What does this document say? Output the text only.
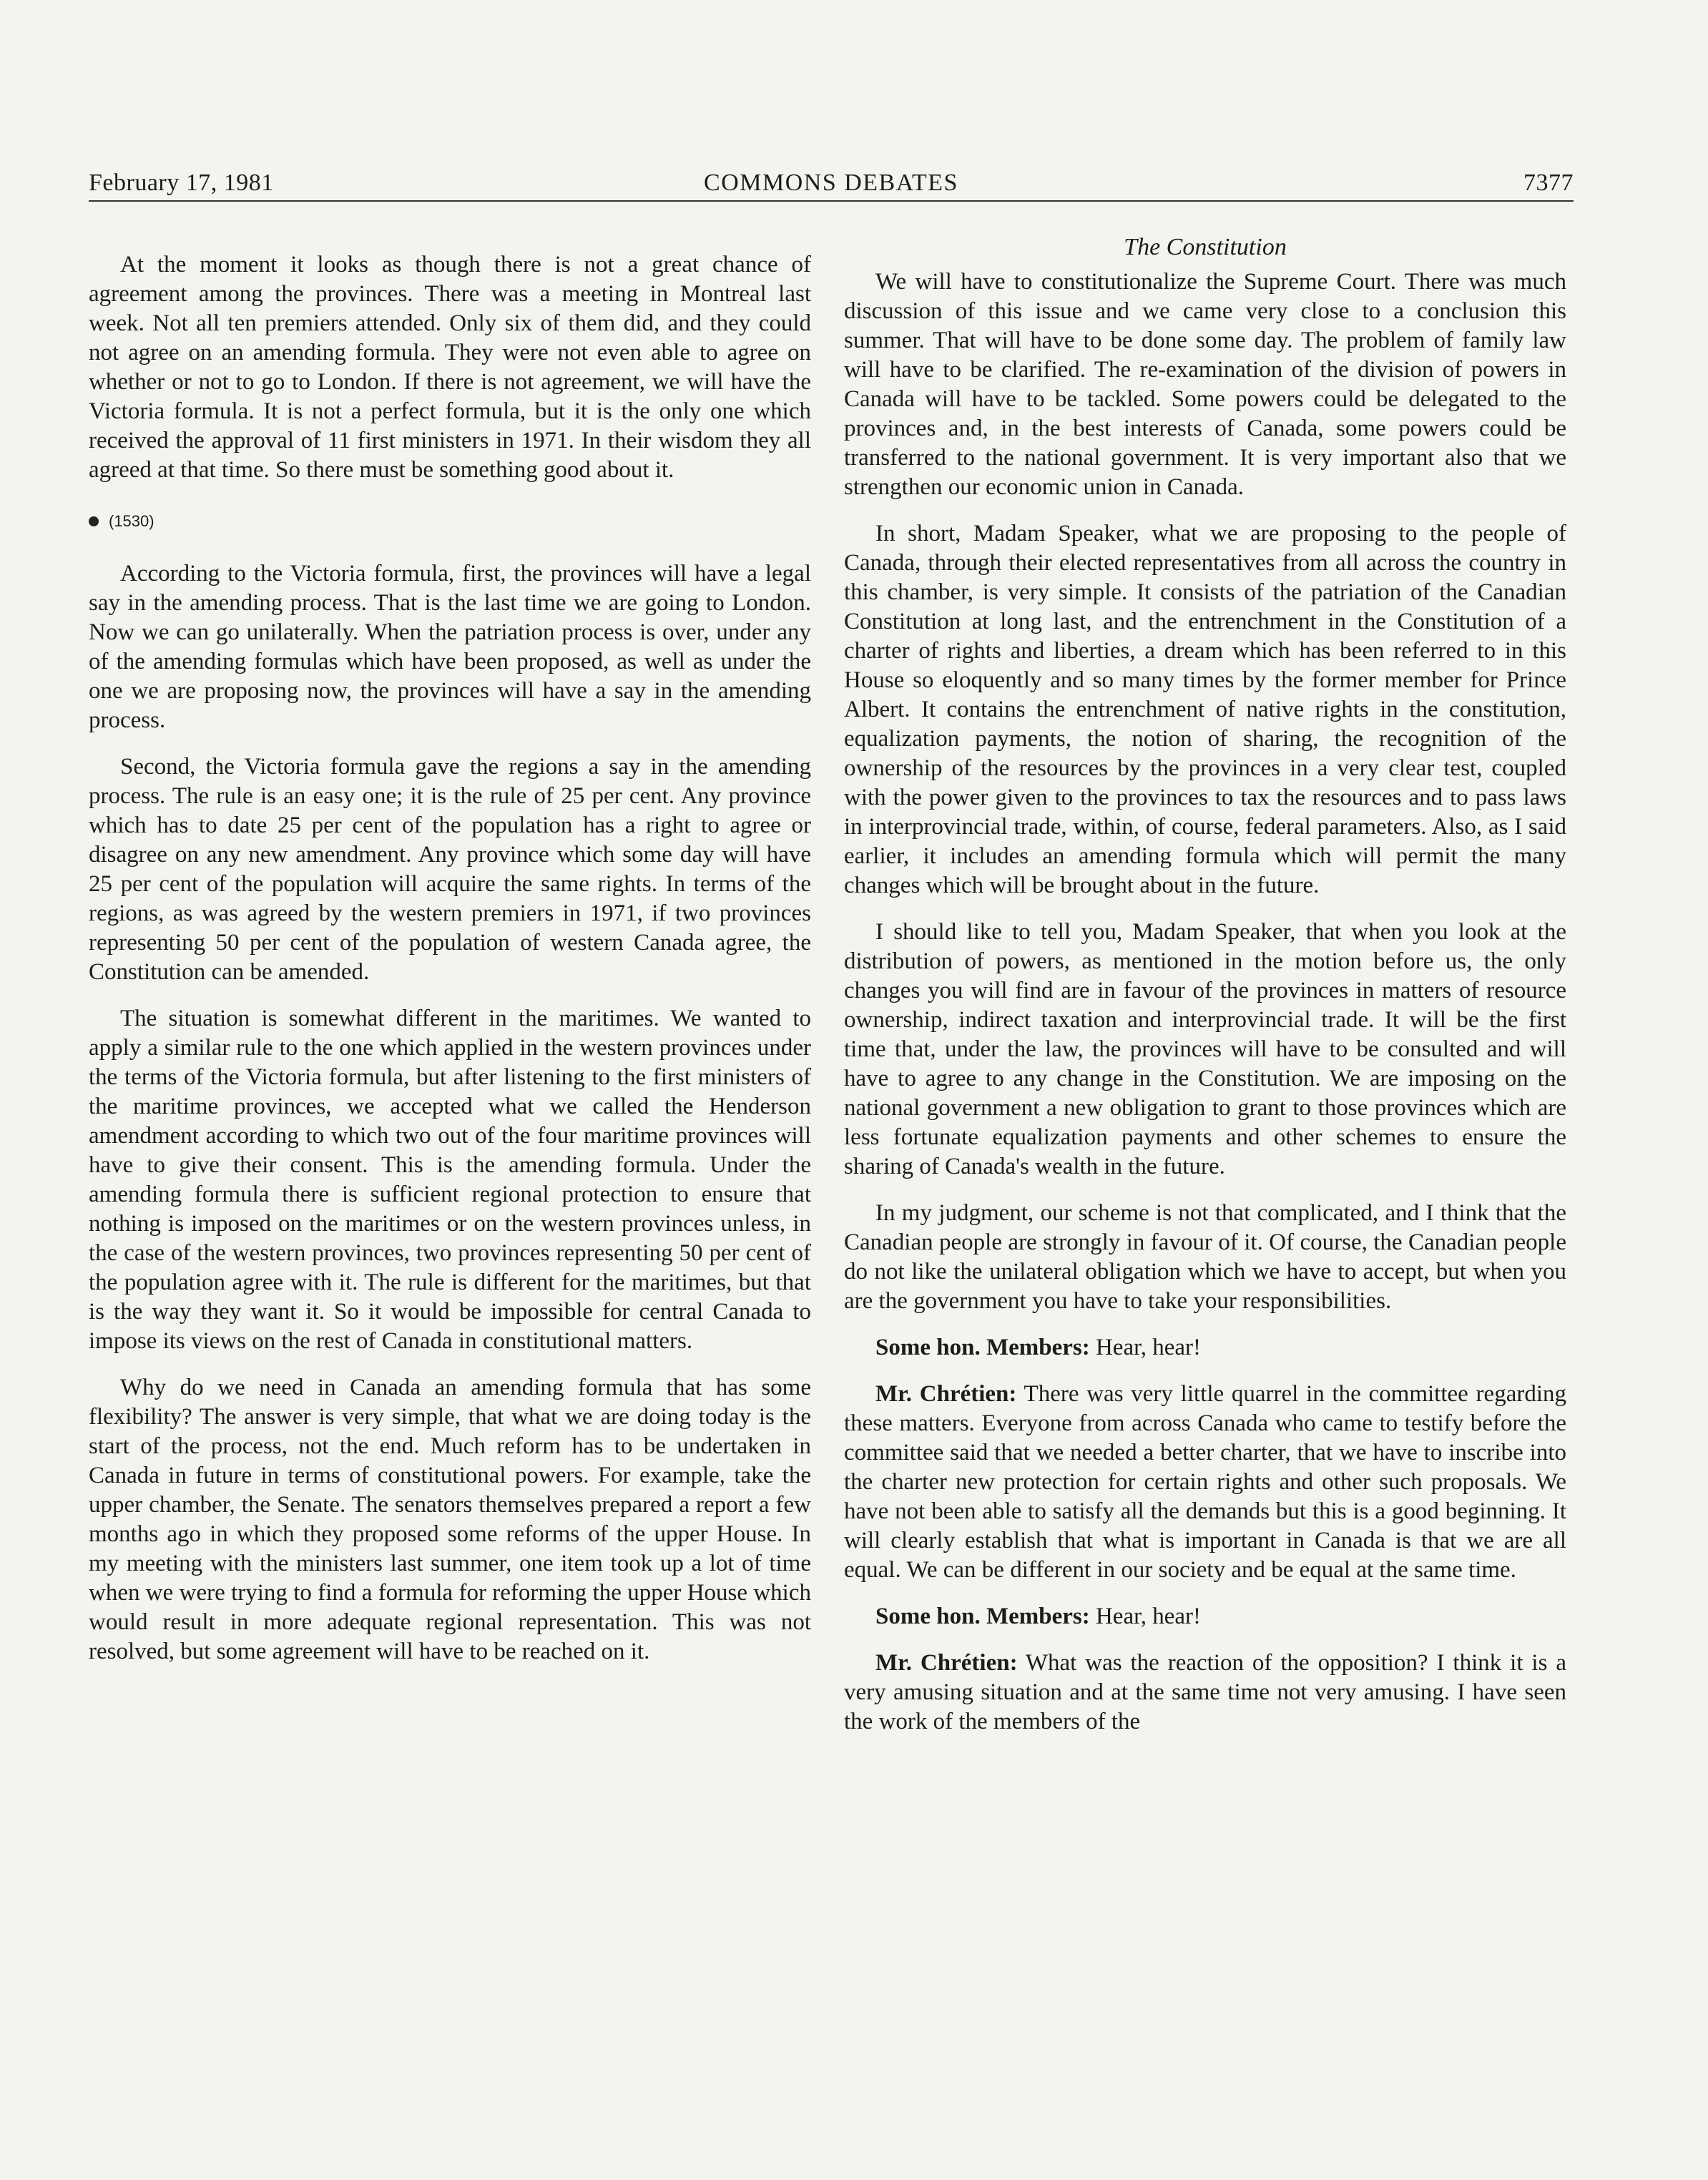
February 17, 1981	COMMONS DEBATES	7377

At the moment it looks as though there is not a great chance of agreement among the provinces. There was a meeting in Montreal last week. Not all ten premiers attended. Only six of them did, and they could not agree on an amending formula. They were not even able to agree on whether or not to go to London. If there is not agreement, we will have the Victoria formula. It is not a perfect formula, but it is the only one which received the approval of 11 first ministers in 1971. In their wisdom they all agreed at that time. So there must be something good about it.

(1530)

According to the Victoria formula, first, the provinces will have a legal say in the amending process. That is the last time we are going to London. Now we can go unilaterally. When the patriation process is over, under any of the amending formulas which have been proposed, as well as under the one we are proposing now, the provinces will have a say in the amending process.

Second, the Victoria formula gave the regions a say in the amending process. The rule is an easy one; it is the rule of 25 per cent. Any province which has to date 25 per cent of the population has a right to agree or disagree on any new amendment. Any province which some day will have 25 per cent of the population will acquire the same rights. In terms of the regions, as was agreed by the western premiers in 1971, if two provinces representing 50 per cent of the population of western Canada agree, the Constitution can be amended.

The situation is somewhat different in the maritimes. We wanted to apply a similar rule to the one which applied in the western provinces under the terms of the Victoria formula, but after listening to the first ministers of the maritime provinces, we accepted what we called the Henderson amendment according to which two out of the four maritime provinces will have to give their consent. This is the amending formula. Under the amending formula there is sufficient regional protection to ensure that nothing is imposed on the maritimes or on the western provinces unless, in the case of the western provinces, two provinces representing 50 per cent of the population agree with it. The rule is different for the maritimes, but that is the way they want it. So it would be impossible for central Canada to impose its views on the rest of Canada in constitutional matters.

Why do we need in Canada an amending formula that has some flexibility? The answer is very simple, that what we are doing today is the start of the process, not the end. Much reform has to be undertaken in Canada in future in terms of constitutional powers. For example, take the upper chamber, the Senate. The senators themselves prepared a report a few months ago in which they proposed some reforms of the upper House. In my meeting with the ministers last summer, one item took up a lot of time when we were trying to find a formula for reforming the upper House which would result in more adequate regional representation. This was not resolved, but some agreement will have to be reached on it.

The Constitution

We will have to constitutionalize the Supreme Court. There was much discussion of this issue and we came very close to a conclusion this summer. That will have to be done some day. The problem of family law will have to be clarified. The re-examination of the division of powers in Canada will have to be tackled. Some powers could be delegated to the provinces and, in the best interests of Canada, some powers could be transferred to the national government. It is very important also that we strengthen our economic union in Canada.

In short, Madam Speaker, what we are proposing to the people of Canada, through their elected representatives from all across the country in this chamber, is very simple. It consists of the patriation of the Canadian Constitution at long last, and the entrenchment in the Constitution of a charter of rights and liberties, a dream which has been referred to in this House so eloquently and so many times by the former member for Prince Albert. It contains the entrenchment of native rights in the constitution, equalization payments, the notion of sharing, the recognition of the ownership of the resources by the provinces in a very clear test, coupled with the power given to the provinces to tax the resources and to pass laws in interprovincial trade, within, of course, federal parameters. Also, as I said earlier, it includes an amending formula which will permit the many changes which will be brought about in the future.

I should like to tell you, Madam Speaker, that when you look at the distribution of powers, as mentioned in the motion before us, the only changes you will find are in favour of the provinces in matters of resource ownership, indirect taxation and interprovincial trade. It will be the first time that, under the law, the provinces will have to be consulted and will have to agree to any change in the Constitution. We are imposing on the national government a new obligation to grant to those provinces which are less fortunate equalization payments and other schemes to ensure the sharing of Canada's wealth in the future.

In my judgment, our scheme is not that complicated, and I think that the Canadian people are strongly in favour of it. Of course, the Canadian people do not like the unilateral obligation which we have to accept, but when you are the government you have to take your responsibilities.

Some hon. Members: Hear, hear!

Mr. Chrétien: There was very little quarrel in the committee regarding these matters. Everyone from across Canada who came to testify before the committee said that we needed a better charter, that we have to inscribe into the charter new protection for certain rights and other such proposals. We have not been able to satisfy all the demands but this is a good beginning. It will clearly establish that what is important in Canada is that we are all equal. We can be different in our society and be equal at the same time.

Some hon. Members: Hear, hear!

Mr. Chrétien: What was the reaction of the opposition? I think it is a very amusing situation and at the same time not very amusing. I have seen the work of the members of the
